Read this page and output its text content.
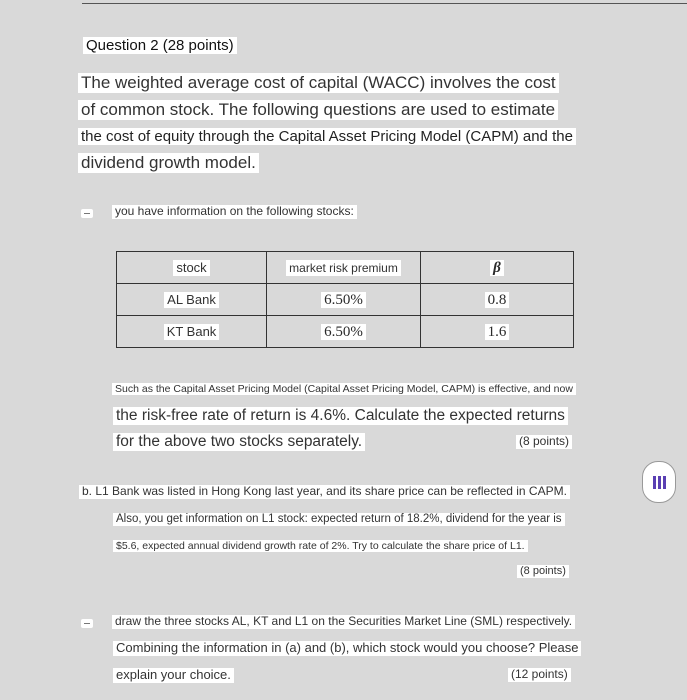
Question 2 (28 points)
The weighted average cost of capital (WACC) involves the cost
of common stock. The following questions are used to estimate
the cost of equity through the Capital Asset Pricing Model (CAPM) and the
dividend growth model.
you have information on the following stocks:
stock	market risk premium	β
AL Bank	6.50%	0.8
KT Bank	6.50%	1.6
Such as the Capital Asset Pricing Model (Capital Asset Pricing Model, CAPM) is effective, and now
the risk-free rate of return is 4.6%. Calculate the expected returns
for the above two stocks separately.	(8 points)
b. L1 Bank was listed in Hong Kong last year, and its share price can be reflected in CAPM.
Also, you get information on L1 stock: expected return of 18.2%, dividend for the year is
$5.6, expected annual dividend growth rate of 2%. Try to calculate the share price of L1.
(8 points)
draw the three stocks AL, KT and L1 on the Securities Market Line (SML) respectively.
Combining the information in (a) and (b), which stock would you choose? Please
explain your choice.	(12 points)
